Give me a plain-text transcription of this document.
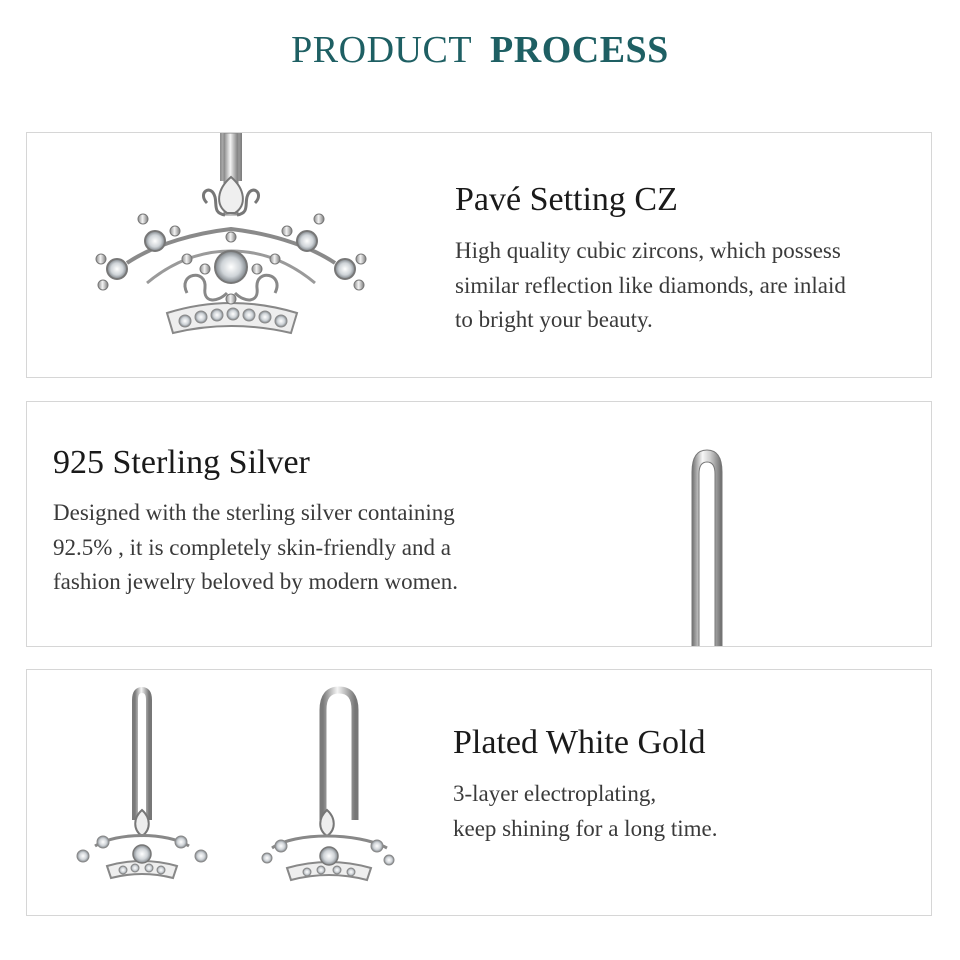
PRODUCT PROCESS
Pavé Setting CZ

High quality cubic zircons, which possess
similar reflection like diamonds, are inlaid
to bright your beauty.

925 Sterling Silver

Designed with the sterling silver containing
92.5% , it is completely skin-friendly and a
fashion jewelry beloved by modern women.

Plated White Gold

3-layer electroplating,
keep shining for a long time.
